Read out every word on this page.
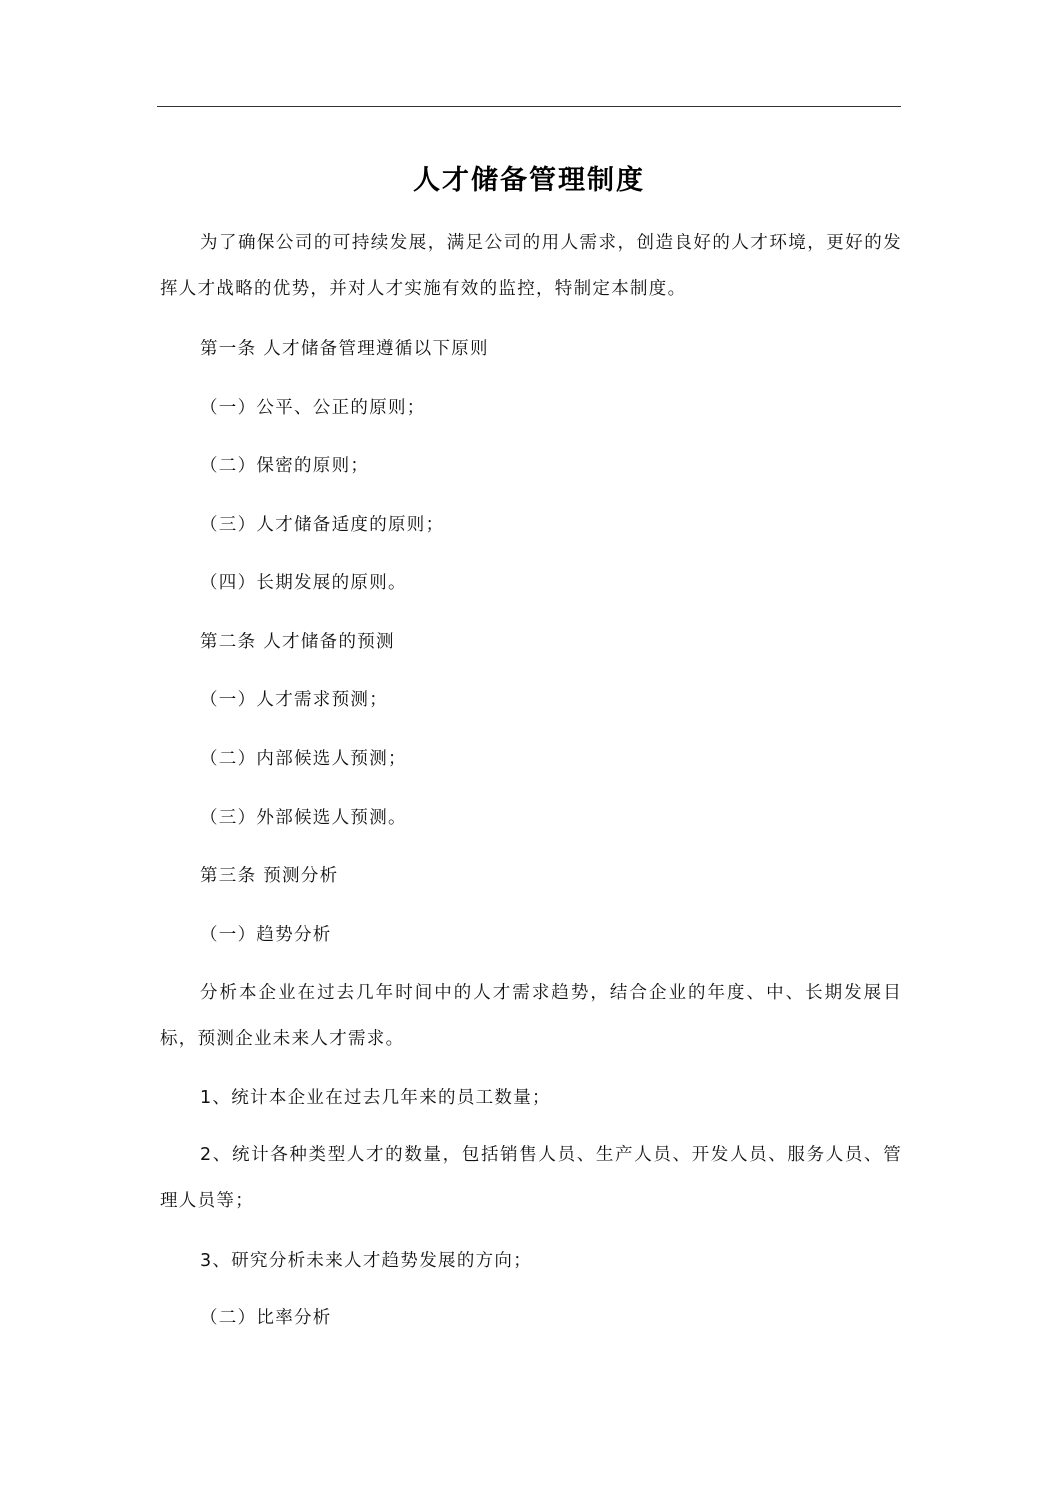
人才储备管理制度
为了确保公司的可持续发展，满足公司的用人需求，创造良好的人才环境，更好的发挥人才战略的优势，并对人才实施有效的监控，特制定本制度。
第一条 人才储备管理遵循以下原则
（一）公平、公正的原则；
（二）保密的原则；
（三）人才储备适度的原则；
（四）长期发展的原则。
第二条 人才储备的预测
（一）人才需求预测；
（二）内部候选人预测；
（三）外部候选人预测。
第三条 预测分析
（一）趋势分析
分析本企业在过去几年时间中的人才需求趋势，结合企业的年度、中、长期发展目标，预测企业未来人才需求。
1、统计本企业在过去几年来的员工数量；
2、统计各种类型人才的数量，包括销售人员、生产人员、开发人员、服务人员、管理人员等；
3、研究分析未来人才趋势发展的方向；
（二）比率分析
